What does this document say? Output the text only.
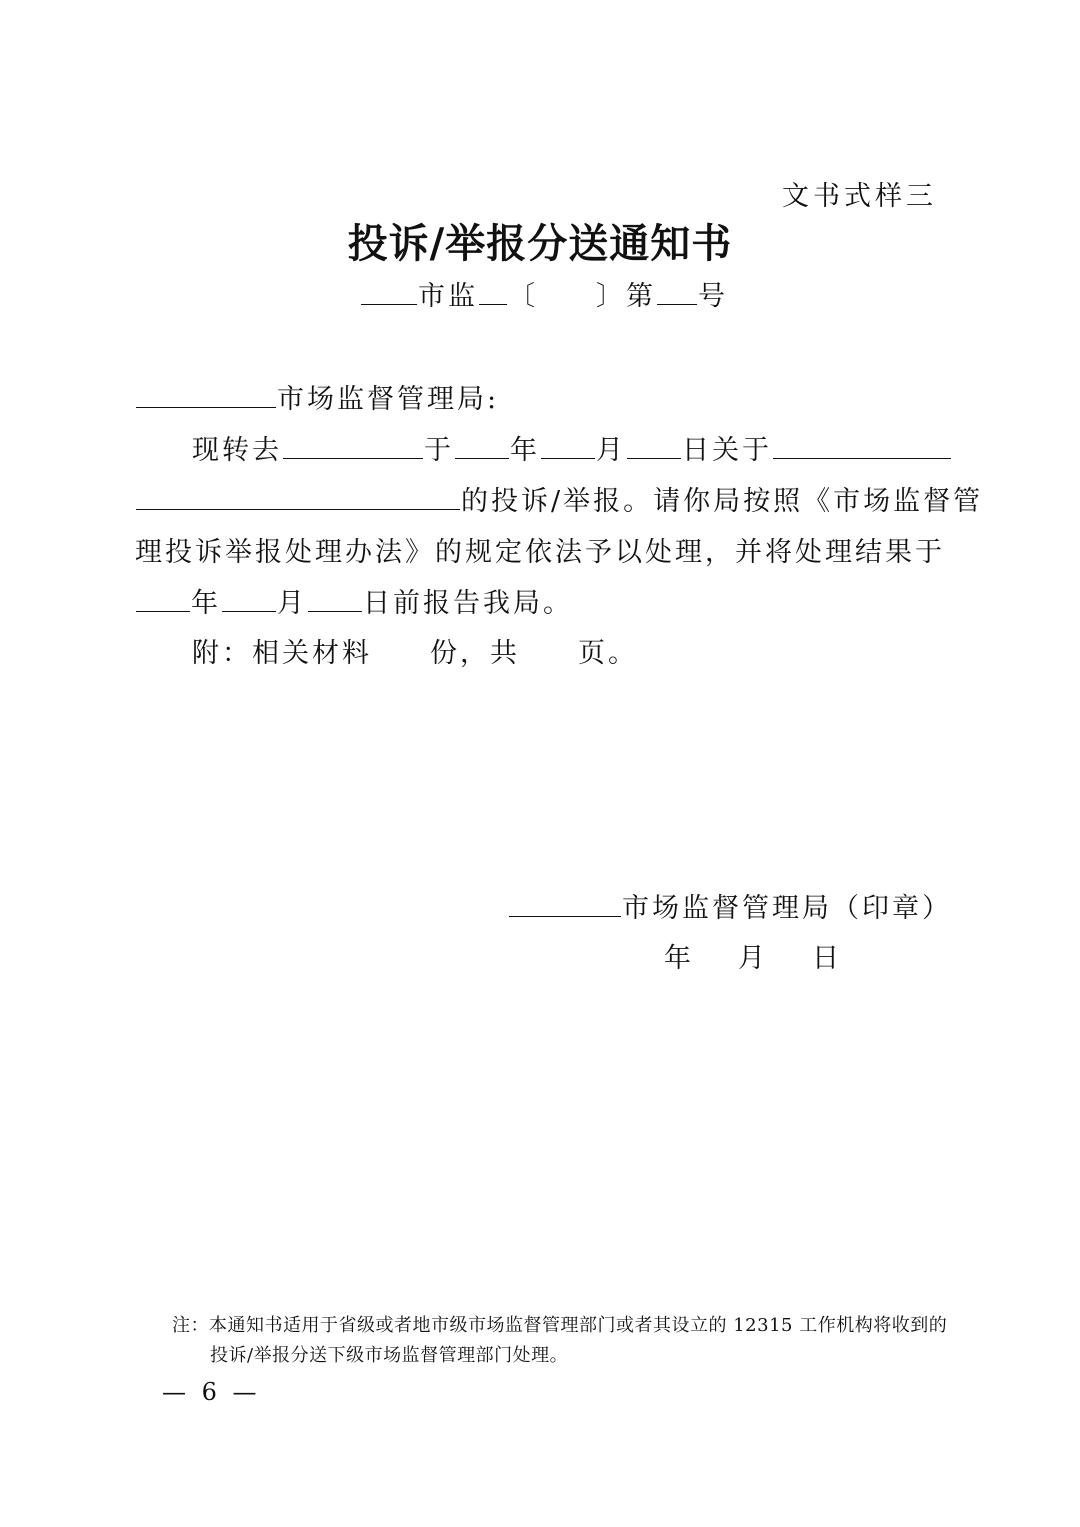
文书式样三
投诉/举报分送通知书
市监 〔 〕第 号
市场监督管理局:
现转去	于 年 月 日关于
的投诉/举报。请你局按照《市场监督管
理投诉举报处理办法》的规定依法予以处理，并将处理结果于
年 月 日前报告我局。
附：相关材料 份，共 页。
市场监督管理局（印章）
年 月 日
注：本通知书适用于省级或者地市级市场监督管理部门或者其设立的 12315 工作机构将收到的
投诉/举报分送下级市场监督管理部门处理。
— 6 —
